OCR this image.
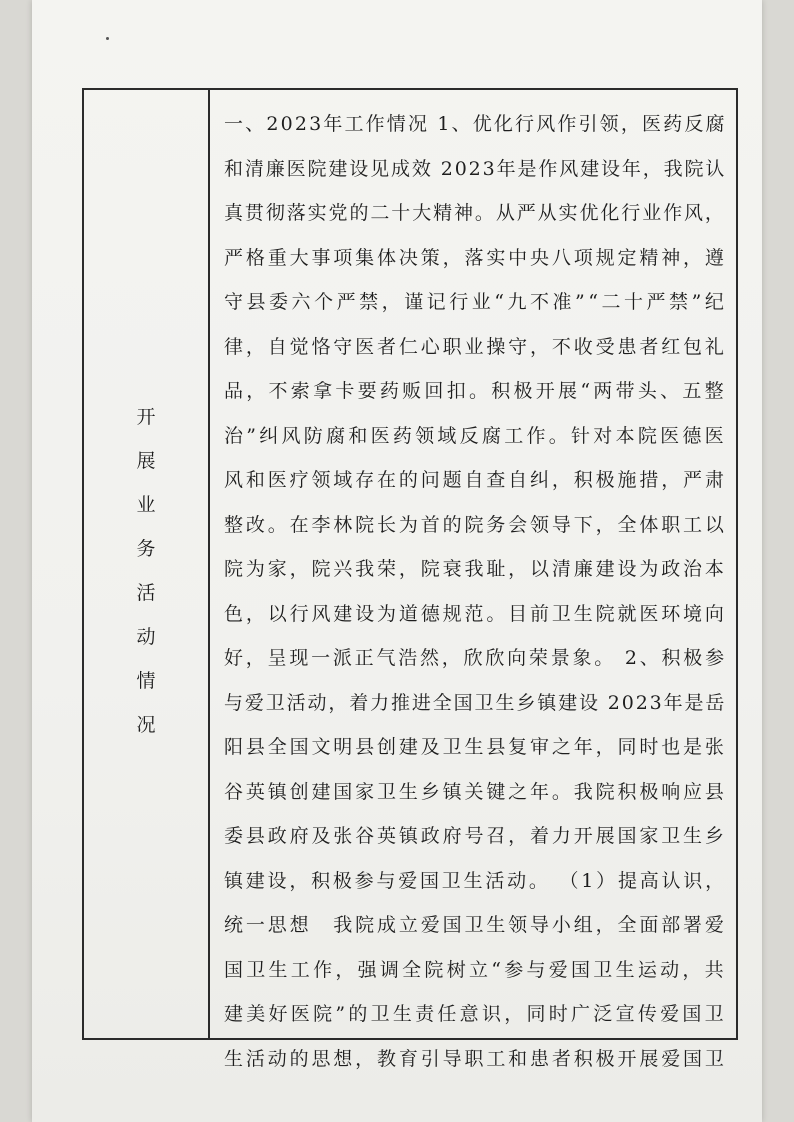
开
展
业
务
活
动
情
况
一、2023年工作情况 1、优化行风作引领，医药反腐
和清廉医院建设见成效 2023年是作风建设年，我院认
真贯彻落实党的二十大精神。从严从实优化行业作风，
严格重大事项集体决策，落实中央八项规定精神，遵
守县委六个严禁，谨记行业“九不准”“二十严禁”纪
律，自觉恪守医者仁心职业操守，不收受患者红包礼
品，不索拿卡要药贩回扣。积极开展“两带头、五整
治”纠风防腐和医药领域反腐工作。针对本院医德医
风和医疗领域存在的问题自查自纠，积极施措，严肃
整改。在李林院长为首的院务会领导下，全体职工以
院为家，院兴我荣，院衰我耻，以清廉建设为政治本
色，以行风建设为道德规范。目前卫生院就医环境向
好，呈现一派正气浩然，欣欣向荣景象。 2、积极参
与爱卫活动，着力推进全国卫生乡镇建设 2023年是岳
阳县全国文明县创建及卫生县复审之年，同时也是张
谷英镇创建国家卫生乡镇关键之年。我院积极响应县
委县政府及张谷英镇政府号召，着力开展国家卫生乡
镇建设，积极参与爱国卫生活动。 （1）提高认识，
统一思想　我院成立爱国卫生领导小组，全面部署爱
国卫生工作，强调全院树立“参与爱国卫生运动，共
建美好医院”的卫生责任意识，同时广泛宣传爱国卫
生活动的思想，教育引导职工和患者积极开展爱国卫
